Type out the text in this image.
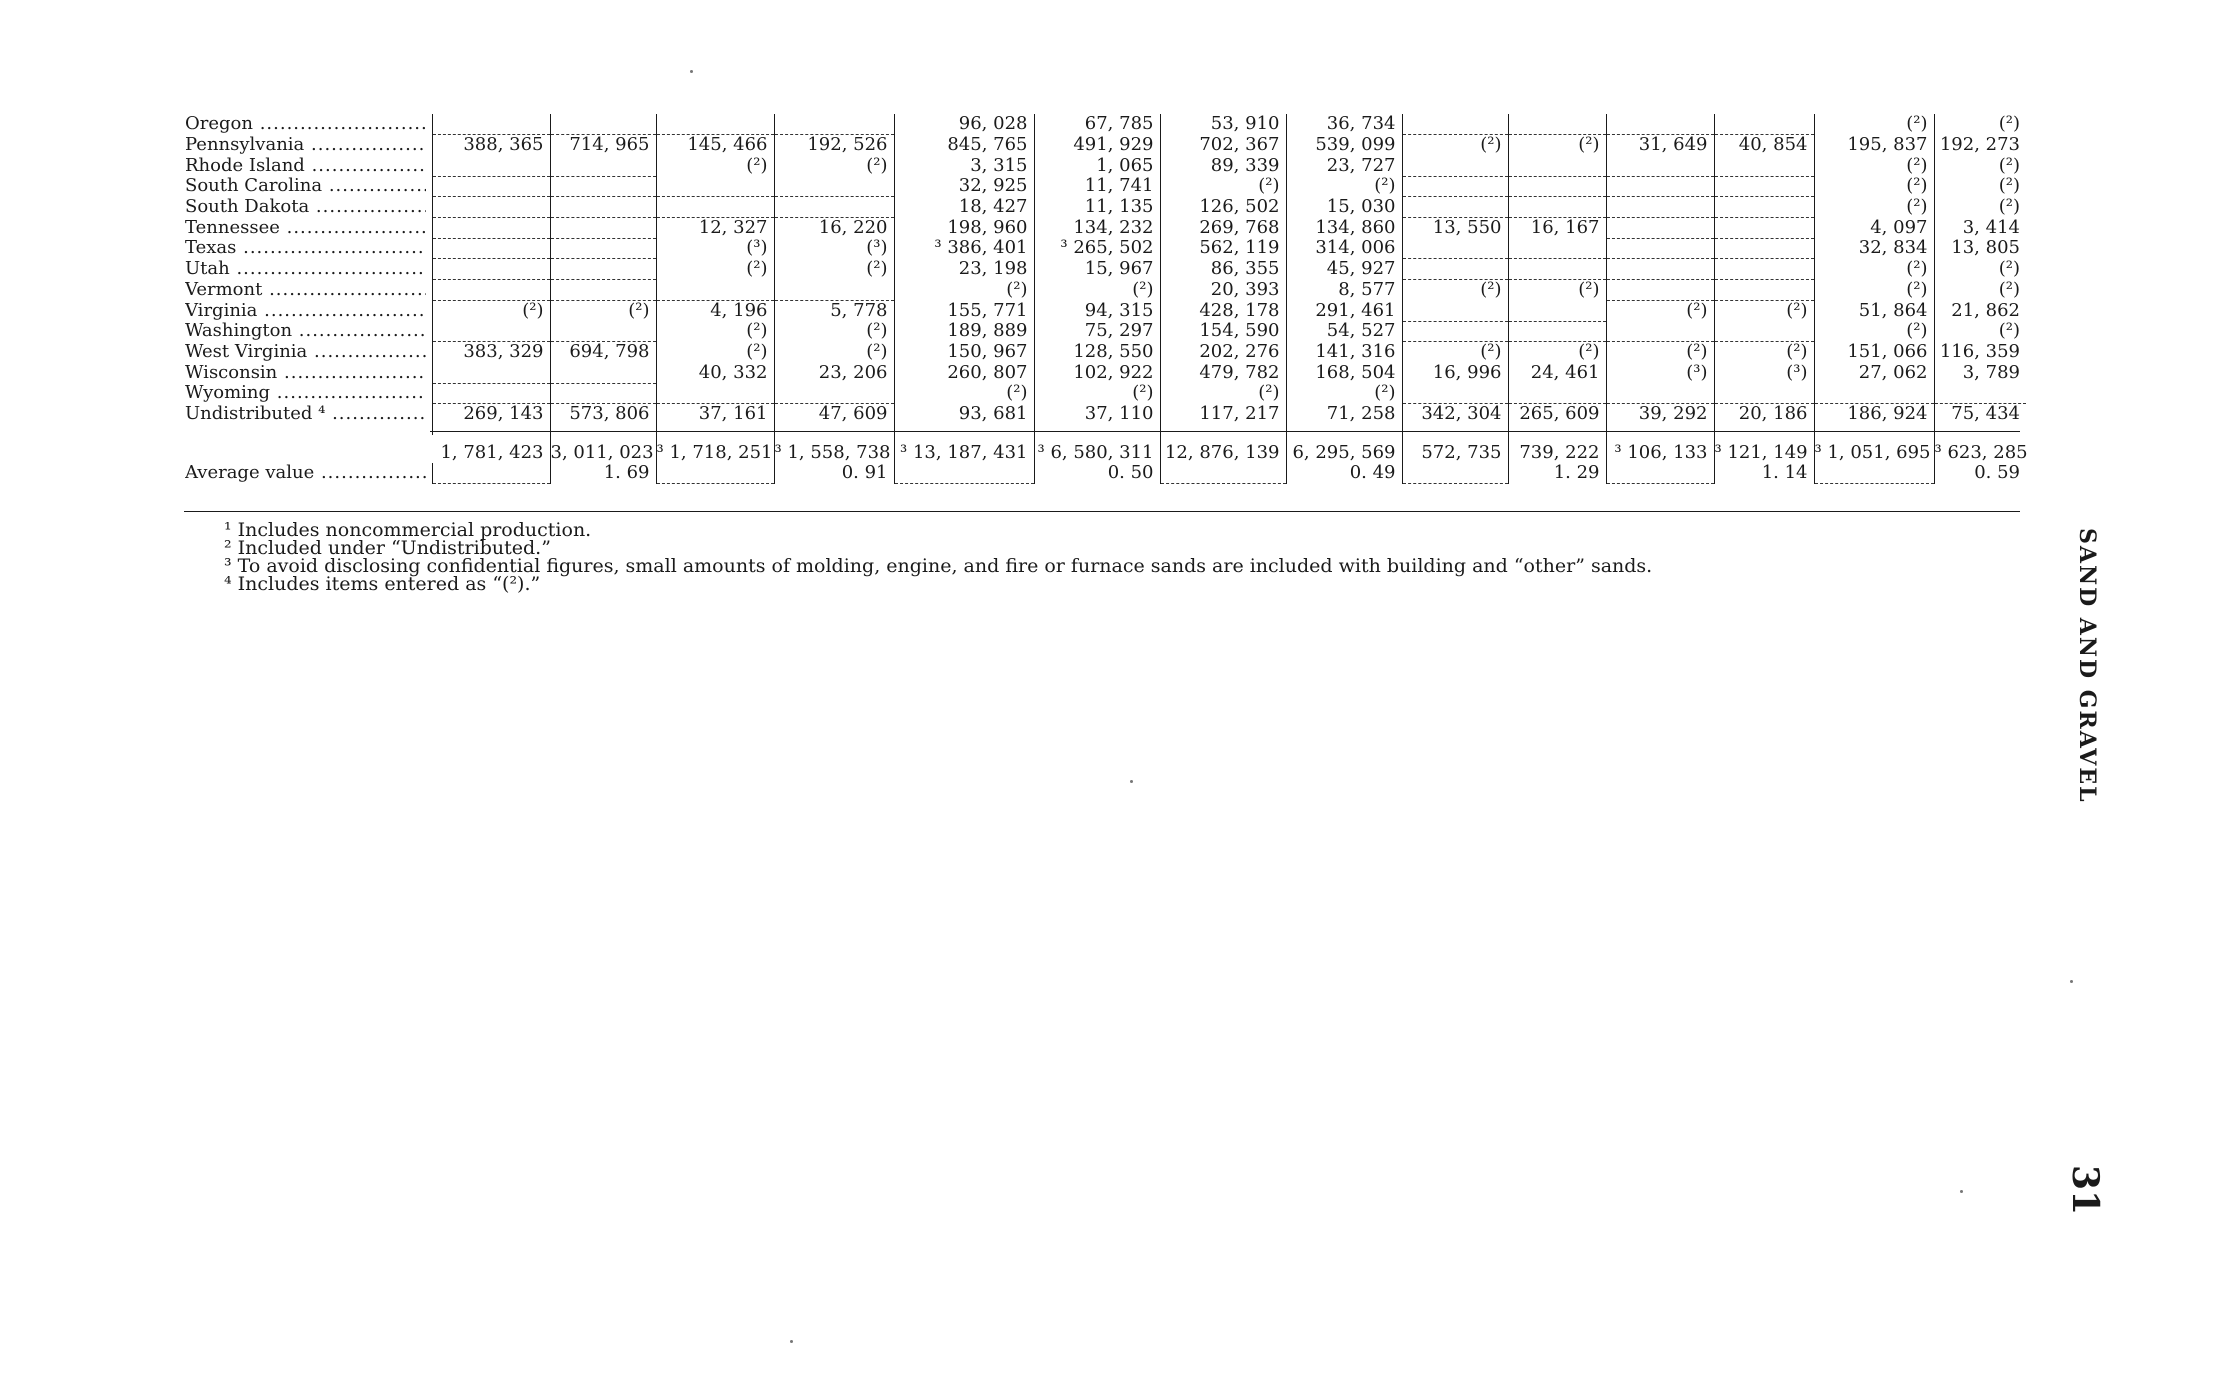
Oregon .....					96, 028	67, 785	53, 910	36, 734					(²)	(²)
Pennsylvania .....	388, 365	714, 965	145, 466	192, 526	845, 765	491, 929	702, 367	539, 099	(²)	(²)	31, 649	40, 854	195, 837	192, 273
Rhode Island .....			(²)	(²)	3, 315	1, 065	89, 339	23, 727					(²)	(²)
South Carolina .....					32, 925	11, 741	(²)	(²)					(²)	(²)
South Dakota .....					18, 427	11, 135	126, 502	15, 030					(²)	(²)
Tennessee .....			12, 327	16, 220	198, 960	134, 232	269, 768	134, 860	13, 550	16, 167			4, 097	3, 414
Texas .....			(³)	(³)	³ 386, 401	³ 265, 502	562, 119	314, 006					32, 834	13, 805
Utah .....			(²)	(²)	23, 198	15, 967	86, 355	45, 927					(²)	(²)
Vermont .....					(²)	(²)	20, 393	8, 577	(²)	(²)			(²)	(²)
Virginia .....	(²)	(²)	4, 196	5, 778	155, 771	94, 315	428, 178	291, 461			(²)	(²)	51, 864	21, 862
Washington .....			(²)	(²)	189, 889	75, 297	154, 590	54, 527					(²)	(²)
West Virginia .....	383, 329	694, 798	(²)	(²)	150, 967	128, 550	202, 276	141, 316	(²)	(²)	(²)	(²)	151, 066	116, 359
Wisconsin .....			40, 332	23, 206	260, 807	102, 922	479, 782	168, 504	16, 996	24, 461	(³)	(³)	27, 062	3, 789
Wyoming .....					(²)	(²)	(²)	(²)						
Undistributed ⁴ .....	269, 143	573, 806	37, 161	47, 609	93, 681	37, 110	117, 217	71, 258	342, 304	265, 609	39, 292	20, 186	186, 924	75, 434

	1, 781, 423	3, 011, 023	³ 1, 718, 251	³ 1, 558, 738	³ 13, 187, 431	³ 6, 580, 311	12, 876, 139	6, 295, 569	572, 735	739, 222	³ 106, 133	³ 121, 149	³ 1, 051, 695	³ 623, 285
Average value .....		1. 69		0. 91		0. 50		0. 49		1. 29		1. 14		0. 59
¹ Includes noncommercial production.
² Included under “Undistributed.”
³ To avoid disclosing confidential figures, small amounts of molding, engine, and fire or furnace sands are included with building and “other” sands.
⁴ Includes items entered as “(²).”	SAND AND GRAVEL
31
